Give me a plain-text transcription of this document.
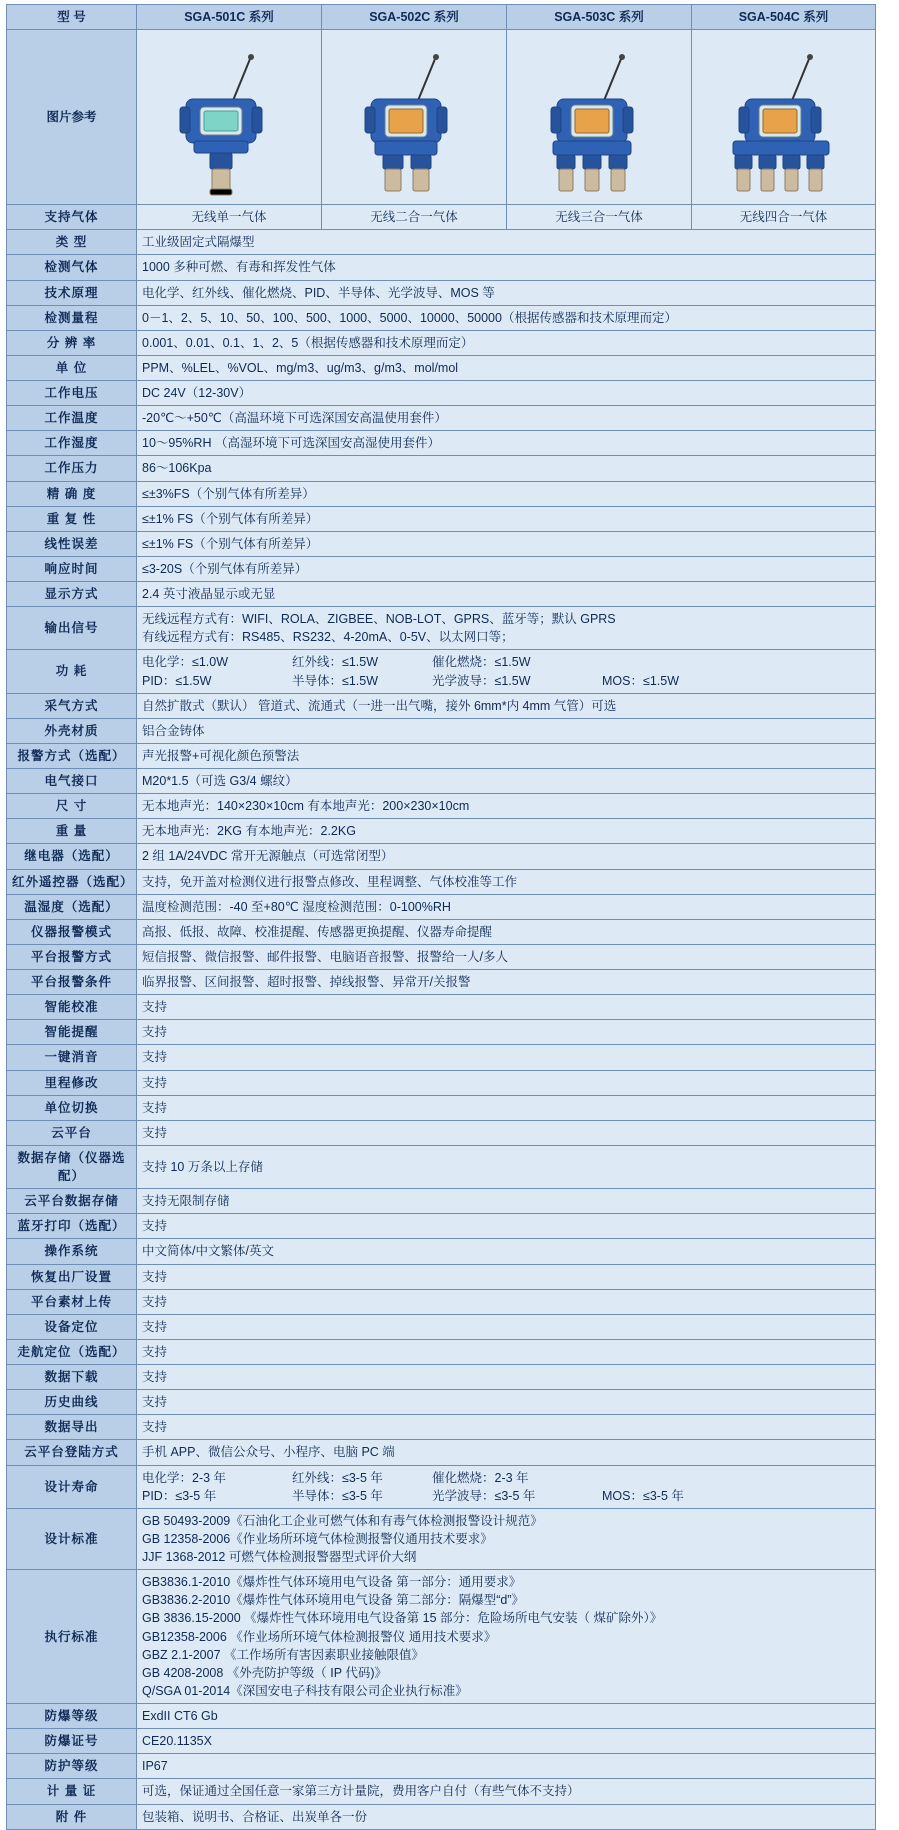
型 号	SGA-501C 系列	SGA-502C 系列	SGA-503C 系列	SGA-504C 系列
图片参考	

支持气体	无线单一气体	无线二合一气体	无线三合一气体	无线四合一气体
类 型	工业级固定式隔爆型			

检测气体	1000 多种可燃、有毒和挥发性气体			

技术原理	电化学、红外线、催化燃烧、PID、半导体、光学波导、MOS 等			

检测量程	0－1、2、5、10、50、100、500、1000、5000、10000、50000（根据传感器和技术原理而定）			

分 辨 率	0.001、0.01、0.1、1、2、5（根据传感器和技术原理而定）			

单 位	PPM、%LEL、%VOL、mg/m3、ug/m3、g/m3、mol/mol			

工作电压	DC 24V（12-30V）			

工作温度	-20℃～+50℃（高温环境下可选深国安高温使用套件）			

工作湿度	10～95%RH （高湿环境下可选深国安高湿使用套件）			

工作压力	86～106Kpa			

精 确 度	≤±3%FS（个别气体有所差异）			

重 复 性	≤±1% FS（个别气体有所差异）			

线性误差	≤±1% FS（个别气体有所差异）			

响应时间	≤3-20S（个别气体有所差异）			

显示方式	2.4 英寸液晶显示或无显			

输出信号	无线远程方式有：WIFI、ROLA、ZIGBEE、NOB-LOT、GPRS、蓝牙等；默认 GPRS
有线远程方式有：RS485、RS232、4-20mA、0-5V、以太网口等；			

功 耗	电化学：≤1.0W 红外线：≤1.5W 催化燃烧：≤1.5W
PID：≤1.5W 半导体：≤1.5W 光学波导：≤1.5W MOS：≤1.5W			

采气方式	自然扩散式（默认） 管道式、流通式（一进一出气嘴，接外 6mm*内 4mm 气管）可选			

外壳材质	铝合金铸体			

报警方式（选配）	声光报警+可视化颜色预警法			

电气接口	M20*1.5（可选 G3/4 螺纹）			

尺 寸	无本地声光：140×230×10cm 有本地声光：200×230×10cm			

重 量	无本地声光：2KG 有本地声光：2.2KG			

继电器（选配）	2 组 1A/24VDC 常开无源触点（可选常闭型）			

红外遥控器（选配）	支持，免开盖对检测仪进行报警点修改、里程调整、气体校准等工作			

温湿度（选配）	温度检测范围：-40 至+80℃ 湿度检测范围：0-100%RH			

仪器报警模式	高报、低报、故障、校准提醒、传感器更换提醒、仪器寿命提醒			

平台报警方式	短信报警、微信报警、邮件报警、电脑语音报警、报警给一人/多人			

平台报警条件	临界报警、区间报警、超时报警、掉线报警、异常开/关报警			

智能校准	支持			

智能提醒	支持			

一键消音	支持			

里程修改	支持			

单位切换	支持			

云平台	支持			

数据存储（仪器选配）	支持 10 万条以上存储			

云平台数据存储	支持无限制存储			

蓝牙打印（选配）	支持			

操作系统	中文简体/中文繁体/英文			

恢复出厂设置	支持			

平台素材上传	支持			

设备定位	支持			

走航定位（选配）	支持			

数据下载	支持			

历史曲线	支持			

数据导出	支持			

云平台登陆方式	手机 APP、微信公众号、小程序、电脑 PC 端			

设计寿命	电化学：2-3 年 红外线：≤3-5 年 催化燃烧：2-3 年
PID：≤3-5 年 半导体：≤3-5 年 光学波导：≤3-5 年 MOS：≤3-5 年			

设计标准	GB 50493-2009《石油化工企业可燃气体和有毒气体检测报警设计规范》
GB 12358-2006《作业场所环境气体检测报警仪通用技术要求》
JJF 1368-2012 可燃气体检测报警器型式评价大纲			

执行标准	
GB3836.1-2010《爆炸性气体环境用电气设备 第一部分：通用要求》
GB3836.2-2010《爆炸性气体环境用电气设备 第二部分：隔爆型“d”》
GB 3836.15-2000 《爆炸性气体环境用电气设备第 15 部分：危险场所电气安装（ 煤矿除外）》
GB12358-2006 《作业场所环境气体检测报警仪 通用技术要求》
GBZ 2.1-2007 《工作场所有害因素职业接触限值》
GB 4208-2008 《外壳防护等级（ IP 代码)》
Q/SGA 01-2014《深国安电子科技有限公司企业执行标准》

防爆等级	ExdII CT6 Gb			

防爆证号	CE20.1135X			

防护等级	IP67			

计 量 证	可选，保证通过全国任意一家第三方计量院，费用客户自付（有些气体不支持）			

附 件	包装箱、说明书、合格证、出炭单各一份			
